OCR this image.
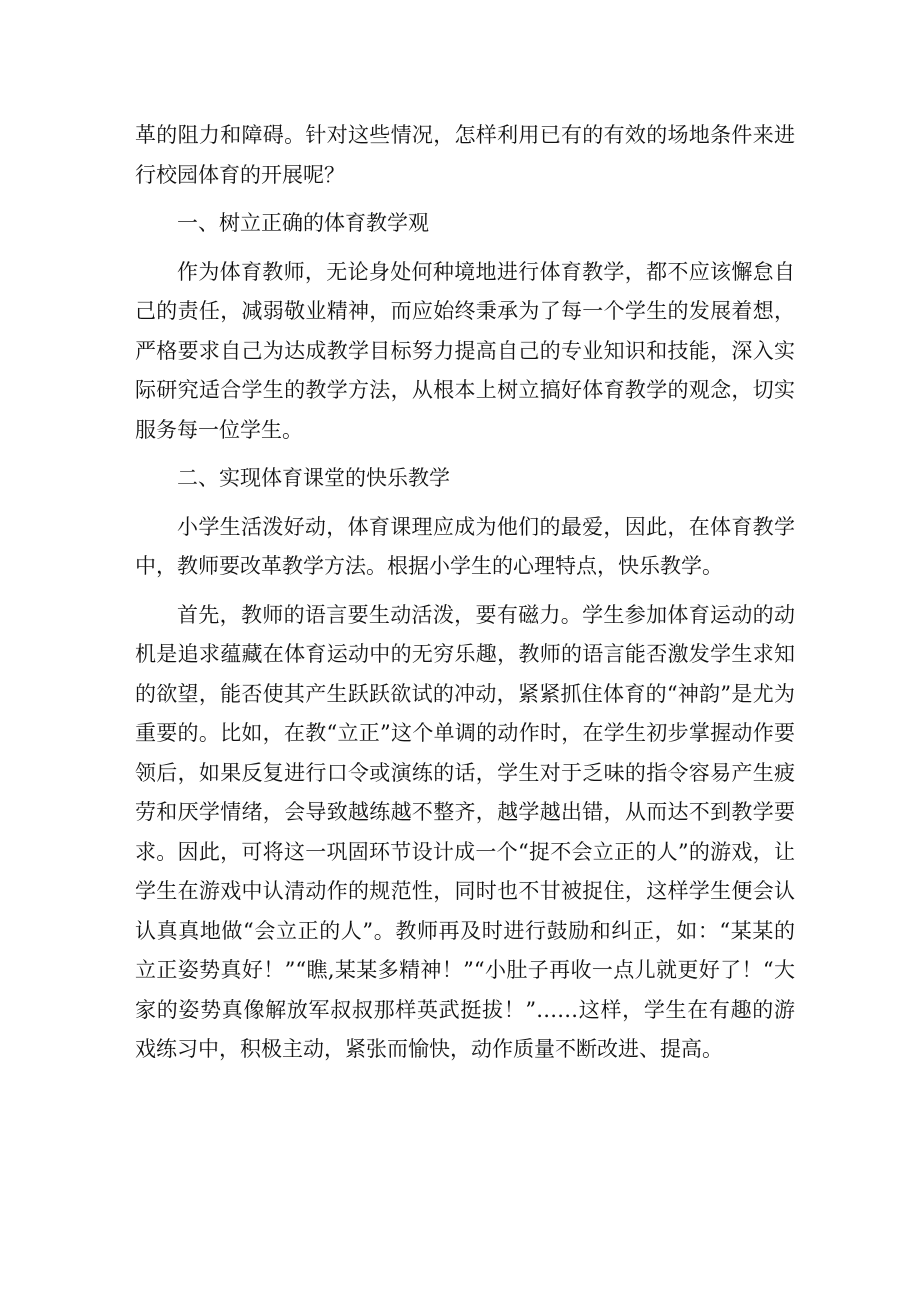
革的阻力和障碍。针对这些情况，怎样利用已有的有效的场地条件来进行校园体育的开展呢？

一、树立正确的体育教学观

作为体育教师，无论身处何种境地进行体育教学，都不应该懈怠自己的责任，减弱敬业精神，而应始终秉承为了每一个学生的发展着想，严格要求自己为达成教学目标努力提高自己的专业知识和技能，深入实际研究适合学生的教学方法，从根本上树立搞好体育教学的观念，切实服务每一位学生。

二、实现体育课堂的快乐教学

小学生活泼好动，体育课理应成为他们的最爱，因此，在体育教学中，教师要改革教学方法。根据小学生的心理特点，快乐教学。

首先，教师的语言要生动活泼，要有磁力。学生参加体育运动的动机是追求蕴藏在体育运动中的无穷乐趣，教师的语言能否激发学生求知的欲望，能否使其产生跃跃欲试的冲动，紧紧抓住体育的“神韵”是尤为重要的。比如，在教“立正”这个单调的动作时，在学生初步掌握动作要领后，如果反复进行口令或演练的话，学生对于乏味的指令容易产生疲劳和厌学情绪，会导致越练越不整齐，越学越出错，从而达不到教学要求。因此，可将这一巩固环节设计成一个“捉不会立正的人”的游戏，让学生在游戏中认清动作的规范性，同时也不甘被捉住，这样学生便会认认真真地做“会立正的人”。教师再及时进行鼓励和纠正，如：“某某的立正姿势真好！”“瞧,某某多精神！”“小肚子再收一点儿就更好了！“大家的姿势真像解放军叔叔那样英武挺拔！”……这样，学生在有趣的游戏练习中，积极主动，紧张而愉快，动作质量不断改进、提高。
